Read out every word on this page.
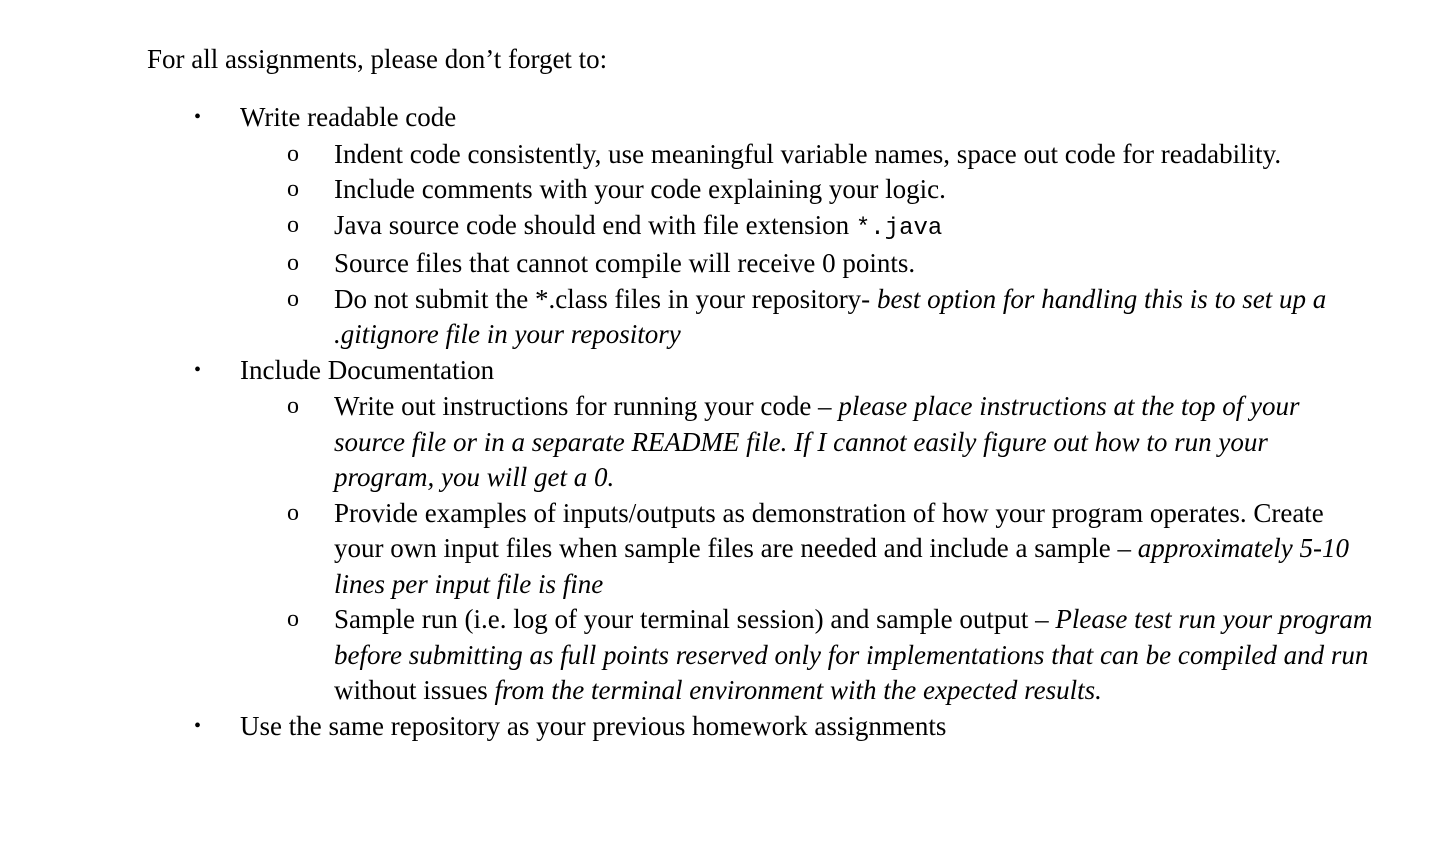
For all assignments, please don’t forget to:

•	Write readable code
o Indent code consistently, use meaningful variable names, space out code for readability.
o Include comments with your code explaining your logic.
o Java source code should end with file extension *.java
o Source files that cannot compile will receive 0 points.
o Do not submit the *.class files in your repository- best option for handling this is to set up a .gitignore file in your repository
•	Include Documentation
o Write out instructions for running your code – please place instructions at the top of your source file or in a separate README file. If I cannot easily figure out how to run your program, you will get a 0.
o Provide examples of inputs/outputs as demonstration of how your program operates. Create your own input files when sample files are needed and include a sample – approximately 5-10 lines per input file is fine
o Sample run (i.e. log of your terminal session) and sample output – Please test run your program before submitting as full points reserved only for implementations that can be compiled and run without issues from the terminal environment with the expected results.
•	Use the same repository as your previous homework assignments
